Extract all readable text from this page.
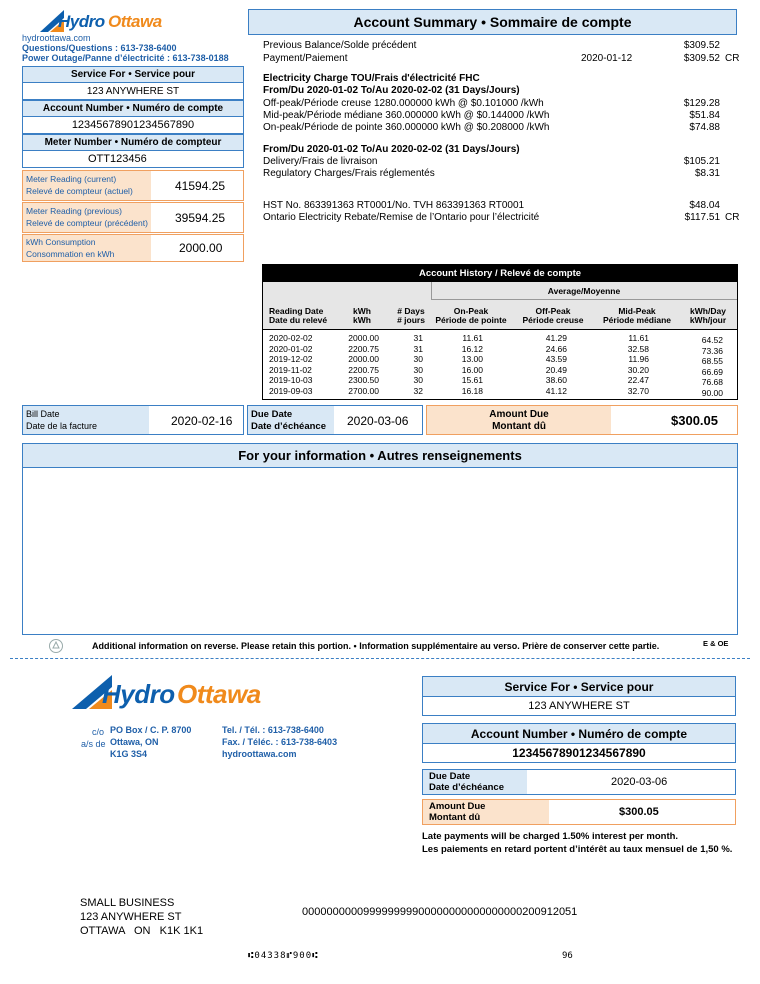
Hydro Ottawa
hydroottawa.com
Questions/Questions : 613-738-6400
Power Outage/Panne d’électricité : 613-738-0188
Service For • Service pour
123 ANYWHERE ST
Account Number • Numéro de compte
12345678901234567890
Meter Number • Numéro de compteur
OTT123456
Meter Reading (current)
Relevé de compteur (actuel)	41594.25
Meter Reading (previous)
Relevé de compteur (précédent) 39594.25
kWh Consumption
Consommation en kWh	2000.00
Account Summary • Sommaire de compte
Previous Balance/Solde précédent	$309.52
Payment/Paiement	2020-01-12	$309.52 CR
Electricity Charge TOU/Frais d'électricité FHC
From/Du 2020-01-02 To/Au 2020-02-02 (31 Days/Jours)
Off-peak/Période creuse 1280.000000 kWh @ $0.101000 /kWh	$129.28
Mid-peak/Période médiane 360.000000 kWh @ $0.144000 /kWh	$51.84
On-peak/Période de pointe 360.000000 kWh @ $0.208000 /kWh	$74.88
From/Du 2020-01-02 To/Au 2020-02-02 (31 Days/Jours)
Delivery/Frais de livraison	$105.21
Regulatory Charges/Frais réglementés	$8.31
HST No. 863391363 RT0001/No. TVH 863391363 RT0001	$48.04
Ontario Electricity Rebate/Remise de l’Ontario pour l’électricité	$117.51 CR
Account History / Relevé de compte
Average/Moyenne
Reading Date
Date du relevé
kWh
kWh
# Days
# jours
On-Peak
Période de pointe
Off-Peak
Période creuse
Mid-Peak
Période médiane
kWh/Day
kWh/jour
2020-02-02	2000.00	31	11.61	41.29	11.61	64.52
2020-01-02	2200.75	31	16.12	24.66	32.58	73.36
2019-12-02	2000.00	30	13.00	43.59	11.96	68.55
2019-11-02	2200.75	30	16.00	20.49	30.20	66.69
2019-10-03	2300.50	30	15.61	38.60	22.47	76.68
2019-09-03	2700.00	32	16.18	41.12	32.70	90.00
Bill Date
Date de la facture	2020-02-16 Due Date
Date d’échéance 2020-03-06	Amount Due
Montant dû	$300.05
For your information • Autres renseignements
Additional information on reverse. Please retain this portion. • Information supplémentaire au verso. Prière de conserver cette partie.	E & OE
Hydro Ottawa
c/o
a/s de
PO Box / C. P. 8700
Ottawa, ON
K1G 3S4
Tel. / Tél. : 613-738-6400
Fax. / Téléc. : 613-738-6403
hydroottawa.com
Service For • Service pour
123 ANYWHERE ST
Account Number • Numéro de compte
12345678901234567890
Due Date
Date d’échéance	2020-03-06
Amount Due
Montant dû	$300.05
Late payments will be charged 1.50% interest per month.
Les paiements en retard portent d’intérêt au taux mensuel de 1,50 %.
SMALL BUSINESS
123 ANYWHERE ST
OTTAWA   ON   K1K 1K1
000000000099999999900000000000000000200912051
⑆04338⑈900⑆	96
